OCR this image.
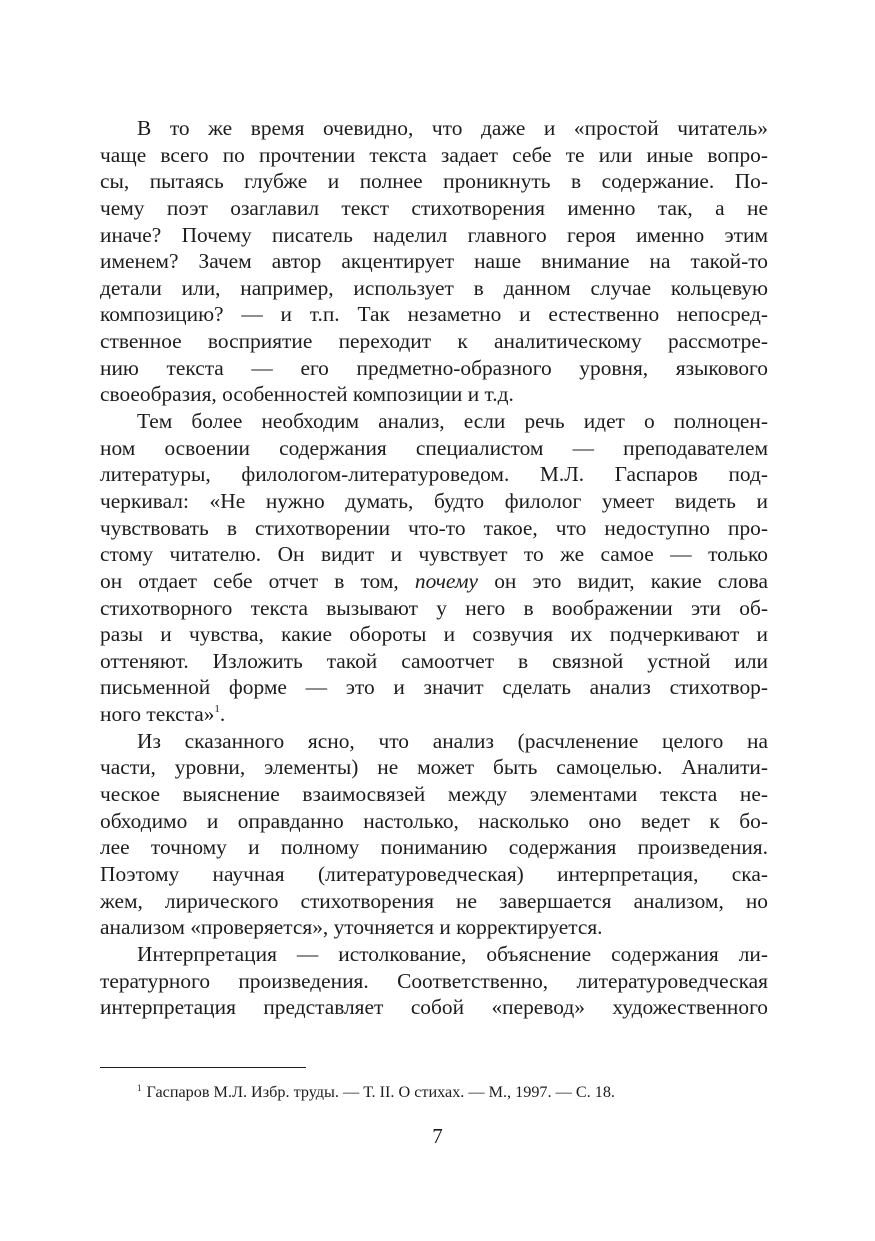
В то же время очевидно, что даже и «простой читатель»
чаще всего по прочтении текста задает себе те или иные вопро-
сы, пытаясь глубже и полнее проникнуть в содержание. По-
чему поэт озаглавил текст стихотворения именно так, а не
иначе? Почему писатель наделил главного героя именно этим
именем? Зачем автор акцентирует наше внимание на такой-то
детали или, например, использует в данном случае кольцевую
композицию? — и т.п. Так незаметно и естественно непосред-
ственное восприятие переходит к аналитическому рассмотре-
нию текста — его предметно-образного уровня, языкового
своеобразия, особенностей композиции и т.д.
Тем более необходим анализ, если речь идет о полноцен-
ном освоении содержания специалистом — преподавателем
литературы, филологом-литературоведом. М.Л. Гаспаров под-
черкивал: «Не нужно думать, будто филолог умеет видеть и
чувствовать в стихотворении что-то такое, что недоступно про-
стому читателю. Он видит и чувствует то же самое — только
он отдает себе отчет в том, почему он это видит, какие слова
стихотворного текста вызывают у него в воображении эти об-
разы и чувства, какие обороты и созвучия их подчеркивают и
оттеняют. Изложить такой самоотчет в связной устной или
письменной форме — это и значит сделать анализ стихотвор-
ного текста»$^1$.
Из сказанного ясно, что анализ (расчленение целого на
части, уровни, элементы) не может быть самоцелью. Аналити-
ческое выяснение взаимосвязей между элементами текста не-
обходимо и оправданно настолько, насколько оно ведет к бо-
лее точному и полному пониманию содержания произведения.
Поэтому научная (литературоведческая) интерпретация, ска-
жем, лирического стихотворения не завершается анализом, но
анализом «проверяется», уточняется и корректируется.
Интерпретация — истолкование, объяснение содержания ли-
тературного произведения. Соответственно, литературоведческая
интерпретация представляет собой «перевод» художественного
$^1$ Гаспаров М.Л. Избр. труды. — Т. II. О стихах. — М., 1997. — С. 18.
7
